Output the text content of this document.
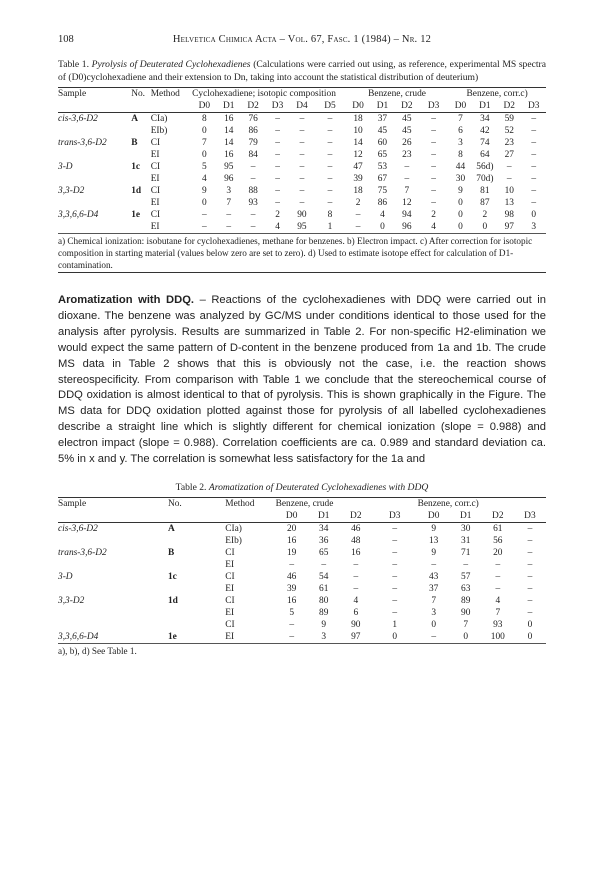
108	Helvetica Chimica Acta – Vol. 67, Fasc. 1 (1984) – Nr. 12
Table 1. Pyrolysis of Deuterated Cyclohexadienes (Calculations were carried out using, as reference, experimental MS spectra of (D0)cyclohexadiene and their extension to Dn, taking into account the statistical distribution of deuterium)
Sample	No.	Method	Cyclohexadiene; isotopic composition						Benzene, crude				Benzene, corr.c)			
			D0	D1	D2	D3	D4	D5	D0	D1	D2	D3	D0	D1	D2	D3
cis-3,6-D2	A	CIa)	8	16	76	–	–	–	18	37	45	–	7	34	59	–
		EIb)	0	14	86	–	–	–	10	45	45	–	6	42	52	–
trans-3,6-D2	B	CI	7	14	79	–	–	–	14	60	26	–	3	74	23	–
		EI	0	16	84	–	–	–	12	65	23	–	8	64	27	–
3-D	1c	CI	5	95	–	–	–	–	47	53	–	–	44	56d)	–	–
		EI	4	96	–	–	–	–	39	67	–	–	30	70d)	–	–
3,3-D2	1d	CI	9	3	88	–	–	–	18	75	7	–	9	81	10	–
		EI	0	7	93	–	–	–	2	86	12	–	0	87	13	–
3,3,6,6-D4	1e	CI	–	–	–	2	90	8	–	4	94	2	0	2	98	0
		EI	–	–	–	4	95	1	–	0	96	4	0	0	97	3
a) Chemical ionization: isobutane for cyclohexadienes, methane for benzenes. b) Electron impact. c) After correction for isotopic composition in starting material (values below zero are set to zero). d) Used to estimate isotope effect for calculation of D1-contamination.
Aromatization with DDQ. – Reactions of the cyclohexadienes with DDQ were carried out in dioxane. The benzene was analyzed by GC/MS under conditions identical to those used for the analysis after pyrolysis. Results are summarized in Table 2. For non-specific H2-elimination we would expect the same pattern of D-content in the benzene produced from 1a and 1b. The crude MS data in Table 2 shows that this is obviously not the case, i.e. the reaction shows stereospecificity. From comparison with Table 1 we conclude that the stereochemical course of DDQ oxidation is almost identical to that of pyrolysis. This is shown graphically in the Figure. The MS data for DDQ oxidation plotted against those for pyrolysis of all labelled cyclohexadienes describe a straight line which is slightly different for chemical ionization (slope = 0.988) and electron impact (slope = 0.988). Correlation coefficients are ca. 0.989 and standard deviation ca. 5% in x and y. The correlation is somewhat less satisfactory for the 1a and
Table 2. Aromatization of Deuterated Cyclohexadienes with DDQ
Sample	No.	Method	Benzene, crude				Benzene, corr.c)			
			D0	D1	D2	D3	D0	D1	D2	D3
cis-3,6-D2	A	CIa)	20	34	46	–	9	30	61	–
		EIb)	16	36	48	–	13	31	56	–
trans-3,6-D2	B	CI	19	65	16	–	9	71	20	–
		EI	–	–	–	–	–	–	–	–
3-D	1c	CI	46	54	–	–	43	57	–	–
		EI	39	61	–	–	37	63	–	–
3,3-D2	1d	CI	16	80	4	–	7	89	4	–
		EI	5	89	6	–	3	90	7	–
		CI	–	9	90	1	0	7	93	0
3,3,6,6-D4	1e	EI	–	3	97	0	–	0	100	0
a), b), d) See Table 1.
